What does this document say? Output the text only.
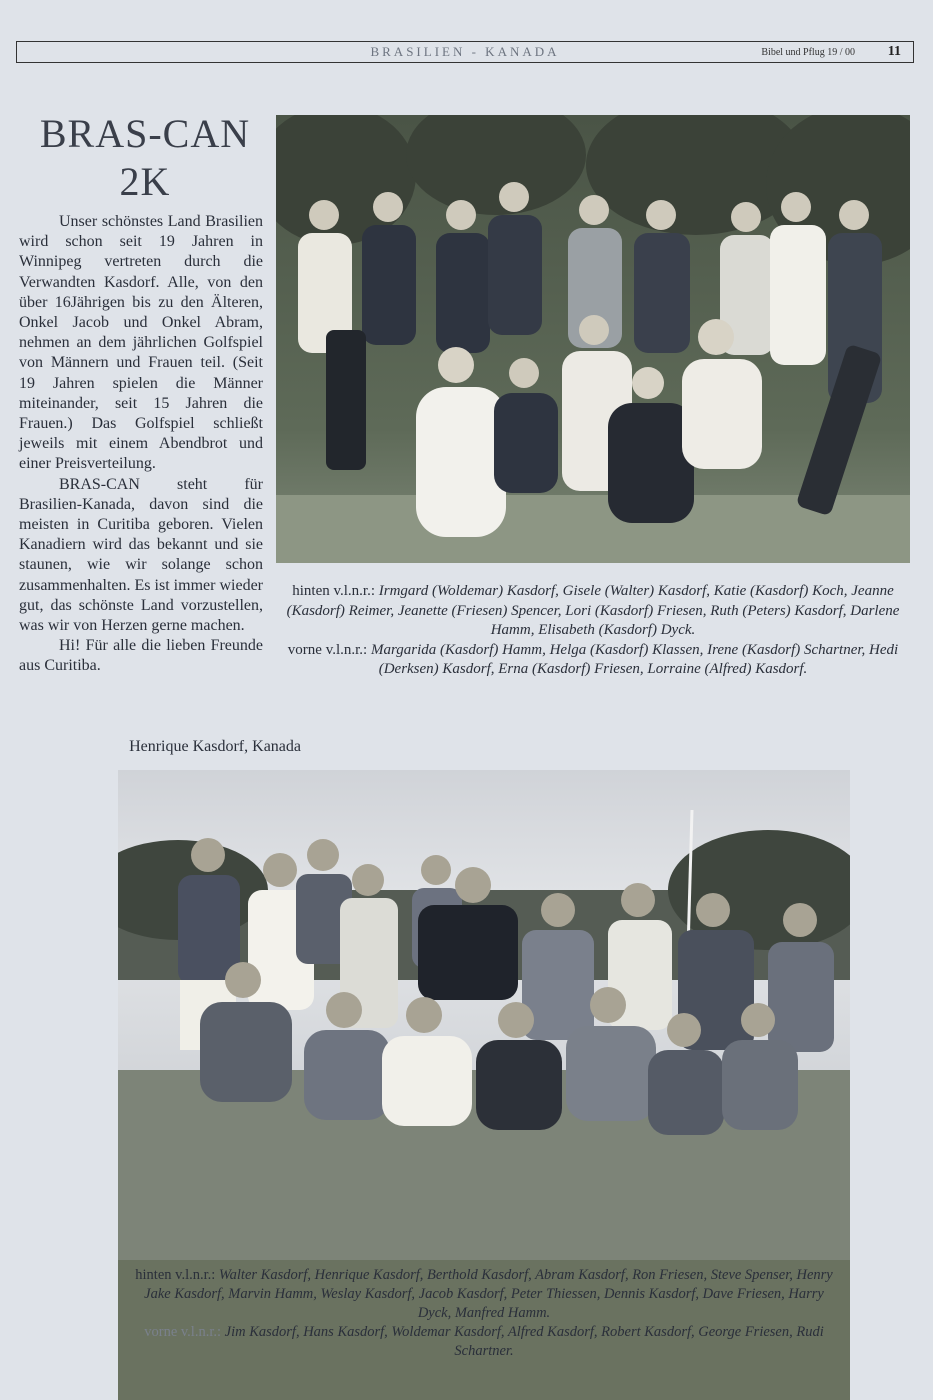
BRASILIEN - KANADA	Bibel und Pflug 19 / 00 11
BRAS-CAN
2K

Unser schönstes Land Brasilien wird schon seit 19 Jahren in Winnipeg vertreten durch die Verwandten Kasdorf. Alle, von den über 16Jährigen bis zu den Älteren, Onkel Jacob und Onkel Abram, nehmen an dem jährlichen Golfspiel von Männern und Frauen teil. (Seit 19 Jahren spielen die Männer miteinander, seit 15 Jahren die Frauen.) Das Golfspiel schließt jeweils mit einem Abendbrot und einer Preisverteilung.

BRAS-CAN steht für Brasilien-Kanada, davon sind die meisten in Curitiba geboren. Vielen Kanadiern wird das bekannt und sie staunen, wie wir solange schon zusammenhalten. Es ist immer wieder gut, das schönste Land vorzustellen, was wir von Herzen gerne machen.

Hi! Für alle die lieben Freunde aus Curitiba.

Henrique Kasdorf, Kanada
hinten v.l.n.r.: Irmgard (Woldemar) Kasdorf, Gisele (Walter) Kasdorf, Katie (Kasdorf) Koch, Jeanne (Kasdorf) Reimer, Jeanette (Friesen) Spencer, Lori (Kasdorf) Friesen, Ruth (Peters) Kasdorf, Darlene Hamm, Elisabeth (Kasdorf) Dyck.
vorne v.l.n.r.: Margarida (Kasdorf) Hamm, Helga (Kasdorf) Klassen, Irene (Kasdorf) Schartner, Hedi (Derksen) Kasdorf, Erna (Kasdorf) Friesen, Lorraine (Alfred) Kasdorf.
hinten v.l.n.r.: Walter Kasdorf, Henrique Kasdorf, Berthold Kasdorf, Abram Kasdorf, Ron Friesen, Steve Spenser, Henry Jake Kasdorf, Marvin Hamm, Weslay Kasdorf, Jacob Kasdorf, Peter Thiessen, Dennis Kasdorf, Dave Friesen, Harry Dyck, Manfred Hamm.
vorne v.l.n.r.: Jim Kasdorf, Hans Kasdorf, Woldemar Kasdorf, Alfred Kasdorf, Robert Kasdorf, George Friesen, Rudi Schartner.
